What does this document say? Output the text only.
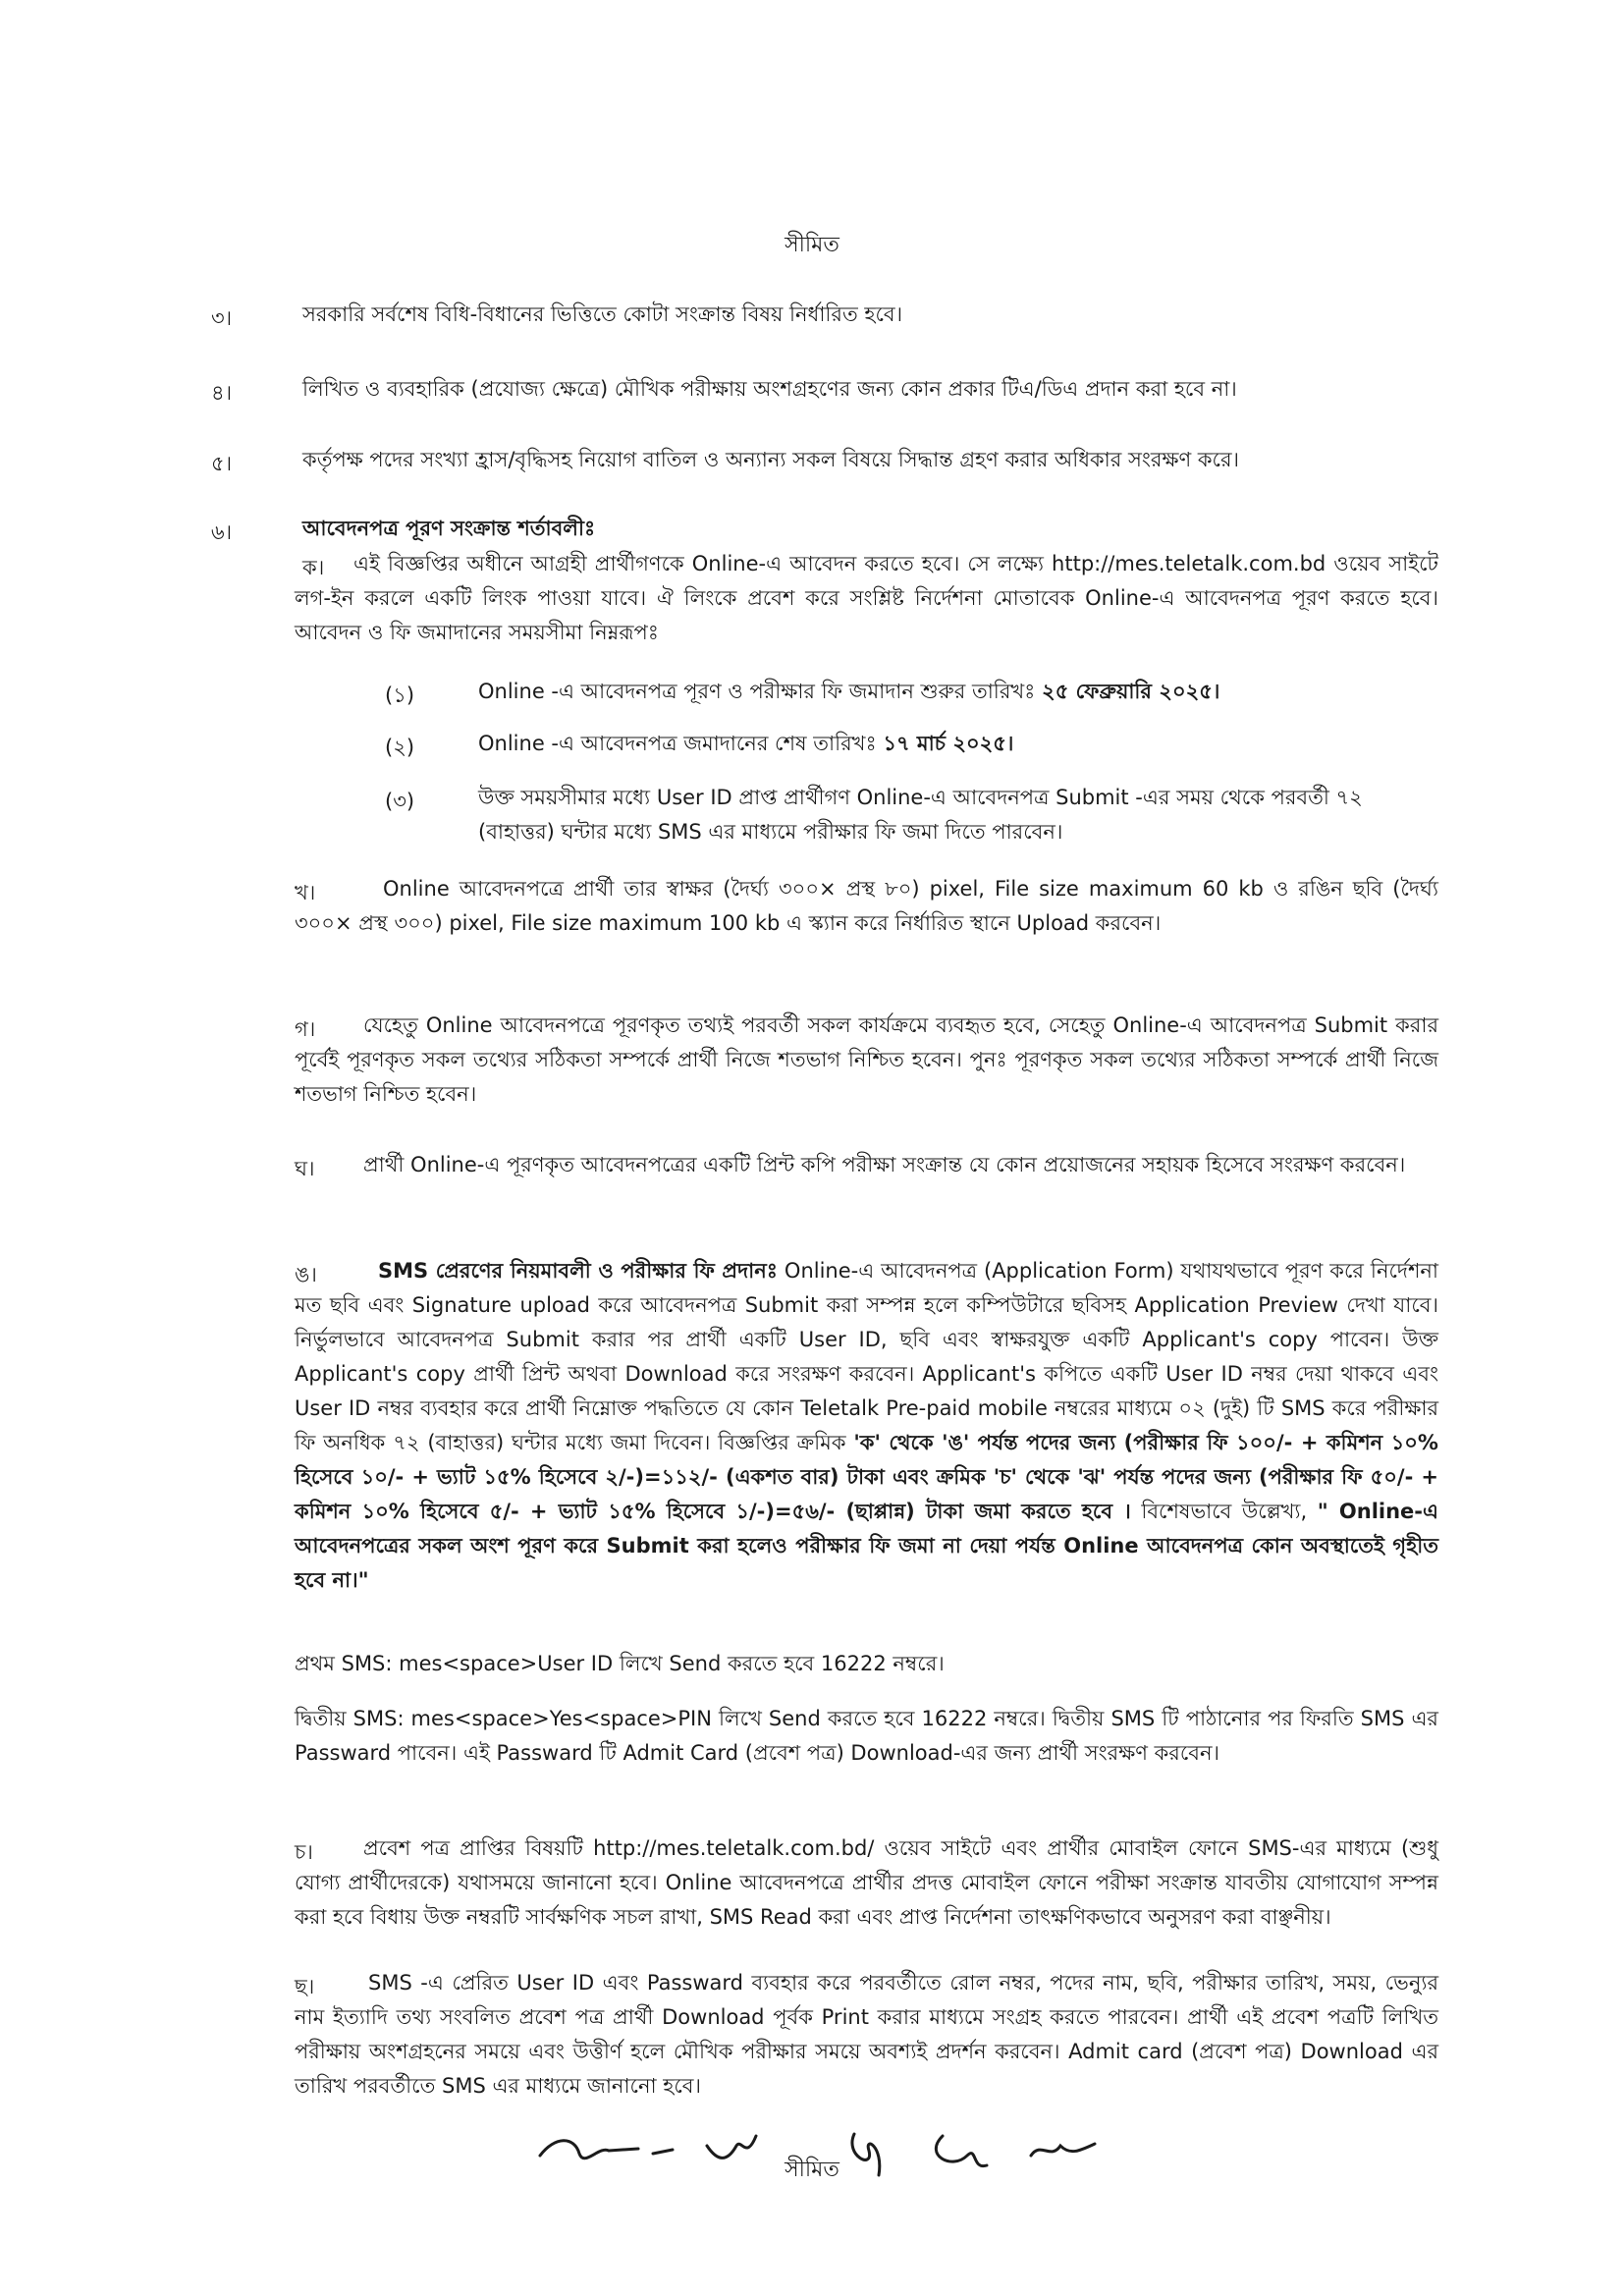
সীমিত
৩।	সরকারি সর্বশেষ বিধি-বিধানের ভিত্তিতে কোটা সংক্রান্ত বিষয় নির্ধারিত হবে।
৪।	লিখিত ও ব্যবহারিক (প্রযোজ্য ক্ষেত্রে) মৌখিক পরীক্ষায় অংশগ্রহণের জন্য কোন প্রকার টিএ/ডিএ প্রদান করা হবে না।
৫।	কর্তৃপক্ষ পদের সংখ্যা হ্রাস/বৃদ্ধিসহ নিয়োগ বাতিল ও অন্যান্য সকল বিষয়ে সিদ্ধান্ত গ্রহণ করার অধিকার সংরক্ষণ করে।
৬।	আবেদনপত্র পূরণ সংক্রান্ত শর্তাবলীঃ
ক।	এই বিজ্ঞপ্তির অধীনে আগ্রহী প্রার্থীগণকে Online-এ আবেদন করতে হবে। সে লক্ষ্যে http://mes.teletalk.com.bd ওয়েব সাইটে লগ-ইন করলে একটি লিংক পাওয়া যাবে। ঐ লিংকে প্রবেশ করে সংশ্লিষ্ট নির্দেশনা মোতাবেক Online-এ আবেদনপত্র পূরণ করতে হবে। আবেদন ও ফি জমাদানের সময়সীমা নিম্নরূপঃ
(১)	Online -এ আবেদনপত্র পূরণ ও পরীক্ষার ফি জমাদান শুরুর তারিখঃ ২৫ ফেব্রুয়ারি ২০২৫।
(২)	Online -এ আবেদনপত্র জমাদানের শেষ তারিখঃ ১৭ মার্চ ২০২৫।
(৩)	উক্ত সময়সীমার মধ্যে User ID প্রাপ্ত প্রার্থীগণ Online-এ আবেদনপত্র Submit -এর সময় থেকে পরবর্তী ৭২ (বাহাত্তর) ঘন্টার মধ্যে SMS এর মাধ্যমে পরীক্ষার ফি জমা দিতে পারবেন।
খ।	Online আবেদনপত্রে প্রার্থী তার স্বাক্ষর (দৈর্ঘ্য ৩০০× প্রস্থ ৮০) pixel, File size maximum 60 kb ও রঙিন ছবি (দৈর্ঘ্য ৩০০× প্রস্থ ৩০০) pixel, File size maximum 100 kb এ স্ক্যান করে নির্ধারিত স্থানে Upload করবেন।
গ।	যেহেতু Online আবেদনপত্রে পূরণকৃত তথ্যই পরবর্তী সকল কার্যক্রমে ব্যবহৃত হবে, সেহেতু Online-এ আবেদনপত্র Submit করার পূর্বেই পূরণকৃত সকল তথ্যের সঠিকতা সম্পর্কে প্রার্থী নিজে শতভাগ নিশ্চিত হবেন। পুনঃ পূরণকৃত সকল তথ্যের সঠিকতা সম্পর্কে প্রার্থী নিজে শতভাগ নিশ্চিত হবেন।
ঘ।	প্রার্থী Online-এ পূরণকৃত আবেদনপত্রের একটি প্রিন্ট কপি পরীক্ষা সংক্রান্ত যে কোন প্রয়োজনের সহায়ক হিসেবে সংরক্ষণ করবেন।
ঙ।	SMS প্রেরণের নিয়মাবলী ও পরীক্ষার ফি প্রদানঃ Online-এ আবেদনপত্র (Application Form) যথাযথভাবে পূরণ করে নির্দেশনা মত ছবি এবং Signature upload করে আবেদনপত্র Submit করা সম্পন্ন হলে কম্পিউটারে ছবিসহ Application Preview দেখা যাবে। নির্ভুলভাবে আবেদনপত্র Submit করার পর প্রার্থী একটি User ID, ছবি এবং স্বাক্ষরযুক্ত একটি Applicant's copy পাবেন। উক্ত Applicant's copy প্রার্থী প্রিন্ট অথবা Download করে সংরক্ষণ করবেন। Applicant's কপিতে একটি User ID নম্বর দেয়া থাকবে এবং User ID নম্বর ব্যবহার করে প্রার্থী নিম্নোক্ত পদ্ধতিতে যে কোন Teletalk Pre-paid mobile নম্বরের মাধ্যমে ০২ (দুই) টি SMS করে পরীক্ষার ফি অনধিক ৭২ (বাহাত্তর) ঘন্টার মধ্যে জমা দিবেন। বিজ্ঞপ্তির ক্রমিক 'ক' থেকে 'ঙ' পর্যন্ত পদের জন্য (পরীক্ষার ফি ১০০/- + কমিশন ১০% হিসেবে ১০/- + ভ্যাট ১৫% হিসেবে ২/-)=১১২/- (একশত বার) টাকা এবং ক্রমিক 'চ' থেকে 'ঝ' পর্যন্ত পদের জন্য (পরীক্ষার ফি ৫০/- + কমিশন ১০% হিসেবে ৫/- + ভ্যাট ১৫% হিসেবে ১/-)=৫৬/- (ছাপ্পান্ন) টাকা জমা করতে হবে । বিশেষভাবে উল্লেখ্য, " Online-এ আবেদনপত্রের সকল অংশ পূরণ করে Submit করা হলেও পরীক্ষার ফি জমা না দেয়া পর্যন্ত Online আবেদনপত্র কোন অবস্থাতেই গৃহীত হবে না।"
প্রথম SMS: mes<space>User ID লিখে Send করতে হবে 16222 নম্বরে।
দ্বিতীয় SMS: mes<space>Yes<space>PIN লিখে Send করতে হবে 16222 নম্বরে। দ্বিতীয় SMS টি পাঠানোর পর ফিরতি SMS এর Passward পাবেন। এই Passward টি Admit Card (প্রবেশ পত্র) Download-এর জন্য প্রার্থী সংরক্ষণ করবেন।
চ।	প্রবেশ পত্র প্রাপ্তির বিষয়টি http://mes.teletalk.com.bd/ ওয়েব সাইটে এবং প্রার্থীর মোবাইল ফোনে SMS-এর মাধ্যমে (শুধু যোগ্য প্রার্থীদেরকে) যথাসময়ে জানানো হবে। Online আবেদনপত্রে প্রার্থীর প্রদত্ত মোবাইল ফোনে পরীক্ষা সংক্রান্ত যাবতীয় যোগাযোগ সম্পন্ন করা হবে বিধায় উক্ত নম্বরটি সার্বক্ষণিক সচল রাখা, SMS Read করা এবং প্রাপ্ত নির্দেশনা তাৎক্ষণিকভাবে অনুসরণ করা বাঞ্ছনীয়।
ছ।	SMS -এ প্রেরিত User ID এবং Passward ব্যবহার করে পরবর্তীতে রোল নম্বর, পদের নাম, ছবি, পরীক্ষার তারিখ, সময়, ভেন্যুর নাম ইত্যাদি তথ্য সংবলিত প্রবেশ পত্র প্রার্থী Download পূর্বক Print করার মাধ্যমে সংগ্রহ করতে পারবেন। প্রার্থী এই প্রবেশ পত্রটি লিখিত পরীক্ষায় অংশগ্রহনের সময়ে এবং উত্তীর্ণ হলে মৌখিক পরীক্ষার সময়ে অবশ্যই প্রদর্শন করবেন। Admit card (প্রবেশ পত্র) Download এর তারিখ পরবর্তীতে SMS এর মাধ্যমে জানানো হবে।
সীমিত
